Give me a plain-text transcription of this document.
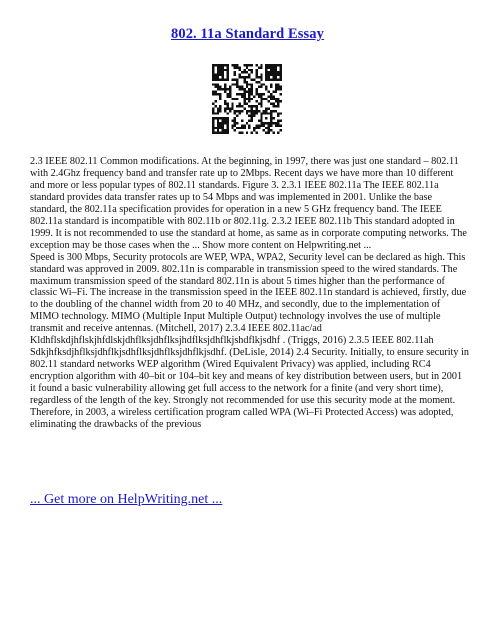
802. 11a Standard Essay

2.3 IEEE 802.11 Common modifications. At the beginning, in 1997, there was just one standard – 802.11 with 2.4Ghz frequency band and transfer rate up to 2Mbps. Recent days we have more than 10 different and more or less popular types of 802.11 standards. Figure 3. 2.3.1 IEEE 802.11a The IEEE 802.11a standard provides data transfer rates up to 54 Mbps and was implemented in 2001. Unlike the base standard, the 802.11a specification provides for operation in a new 5 GHz frequency band. The IEEE 802.11a standard is incompatible with 802.11b or 802.11g. 2.3.2 IEEE 802.11b This standard adopted in 1999. It is not recommended to use the standard at home, as same as in corporate computing networks. The exception may be those cases when the ... Show more content on Helpwriting.net ...
Speed is 300 Mbps, Security protocols are WEP, WPA, WPA2, Security level can be declared as high. This standard was approved in 2009. 802.11n is comparable in transmission speed to the wired standards. The maximum transmission speed of the standard 802.11n is about 5 times higher than the performance of classic Wi–Fi. The increase in the transmission speed in the IEEE 802.11n standard is achieved, firstly, due to the doubling of the channel width from 20 to 40 MHz, and secondly, due to the implementation of MIMO technology. MIMO (Multiple Input Multiple Output) technology involves the use of multiple transmit and receive antennas. (Mitchell, 2017) 2.3.4 IEEE 802.11ac/ad Kldhflskdjhflskjhfdlskjdhflksjdhflksjhdflksjdhflkjshdflkjsdhf . (Triggs, 2016) 2.3.5 IEEE 802.11ah Sdkjhfksdjhflksjdhflkjsdhflksjdhflksjdhflkjsdhf. (DeLisle, 2014) 2.4 Security. Initially, to ensure security in 802.11 standard networks WEP algorithm (Wired Equivalent Privacy) was applied, including RC4 encryption algorithm with 40–bit or 104–bit key and means of key distribution between users, but in 2001 it found a basic vulnerability allowing get full access to the network for a finite (and very short time), regardless of the length of the key. Strongly not recommended for use this security mode at the moment. Therefore, in 2003, a wireless certification program called WPA (Wi–Fi Protected Access) was adopted, eliminating the drawbacks of the previous

... Get more on HelpWriting.net ...
